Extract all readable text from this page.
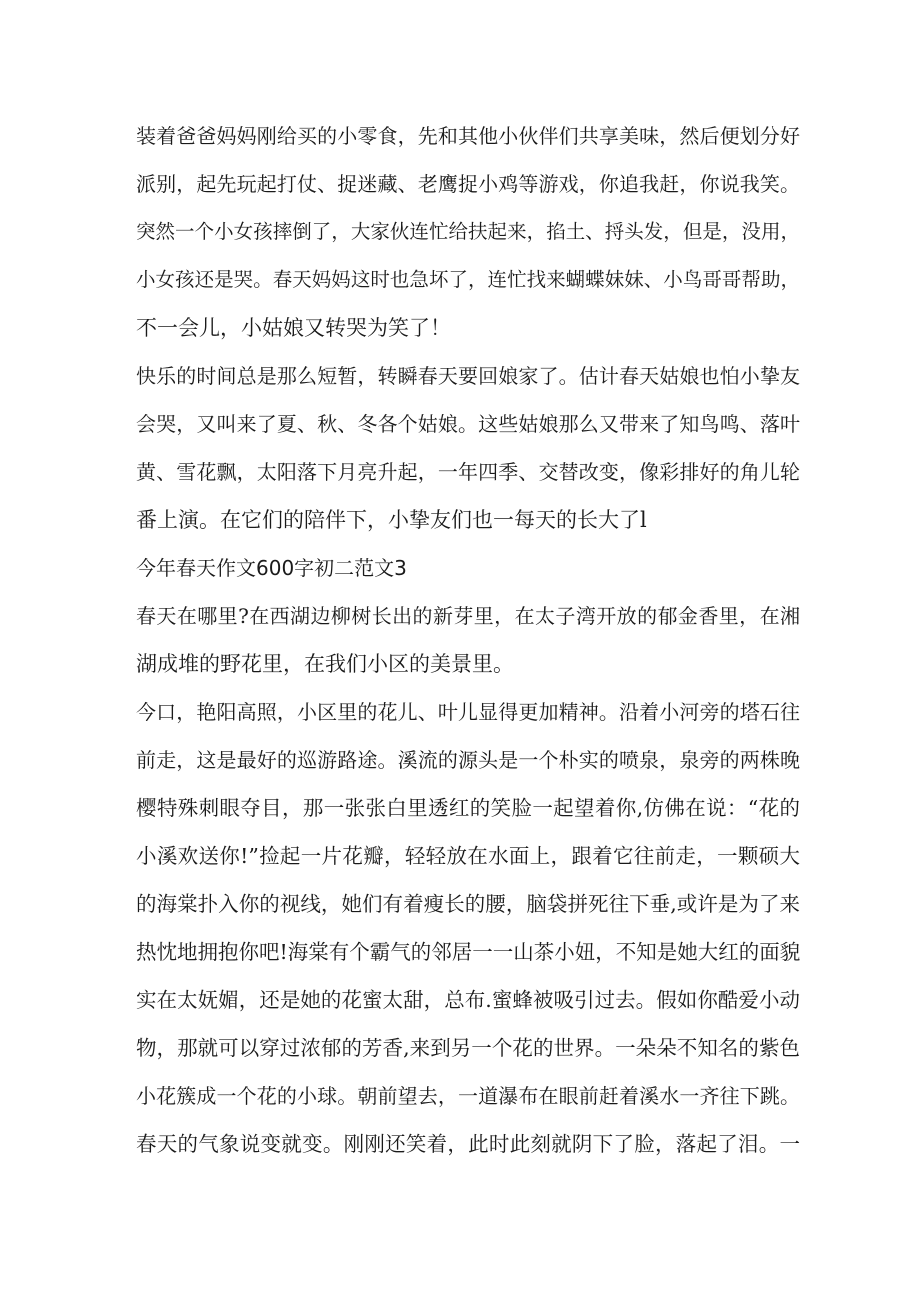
装着爸爸妈妈刚给买的小零食，先和其他小伙伴们共享美味，然后便划分好
派别，起先玩起打仗、捉迷藏、老鹰捉小鸡等游戏，你追我赶，你说我笑。
突然一个小女孩摔倒了，大家伙连忙给扶起来，掐土、捋头发，但是，没用，
小女孩还是哭。春天妈妈这时也急坏了，连忙找来蝴蝶妹妹、小鸟哥哥帮助，
不一会儿，小姑娘又转哭为笑了！
快乐的时间总是那么短暂，转瞬春天要回娘家了。估计春天姑娘也怕小挚友
会哭，又叫来了夏、秋、冬各个姑娘。这些姑娘那么又带来了知鸟鸣、落叶
黄、雪花飘，太阳落下月亮升起，一年四季、交替改变，像彩排好的角儿轮
番上演。在它们的陪伴下，小挚友们也一每天的长大了l
今年春天作文600字初二范文3
春天在哪里?在西湖边柳树长出的新芽里，在太子湾开放的郁金香里，在湘
湖成堆的野花里，在我们小区的美景里。
今口，艳阳高照，小区里的花儿、叶儿显得更加精神。沿着小河旁的塔石往
前走，这是最好的巡游路途。溪流的源头是一个朴实的喷泉，泉旁的两株晚
樱特殊刺眼夺目，那一张张白里透红的笑脸一起望着你,仿佛在说：“花的
小溪欢送你!”捡起一片花瓣，轻轻放在水面上，跟着它往前走，一颗硕大
的海棠扑入你的视线，她们有着瘦长的腰，脑袋拼死往下垂,或许是为了来
热忱地拥抱你吧!海棠有个霸气的邻居一一山茶小妞，不知是她大红的面貌
实在太妩媚，还是她的花蜜太甜，总布.蜜蜂被吸引过去。假如你酷爱小动
物，那就可以穿过浓郁的芳香,来到另一个花的世界。一朵朵不知名的紫色
小花簇成一个花的小球。朝前望去，一道瀑布在眼前赶着溪水一齐往下跳。
春天的气象说变就变。刚刚还笑着，此时此刻就阴下了脸，落起了泪。一
